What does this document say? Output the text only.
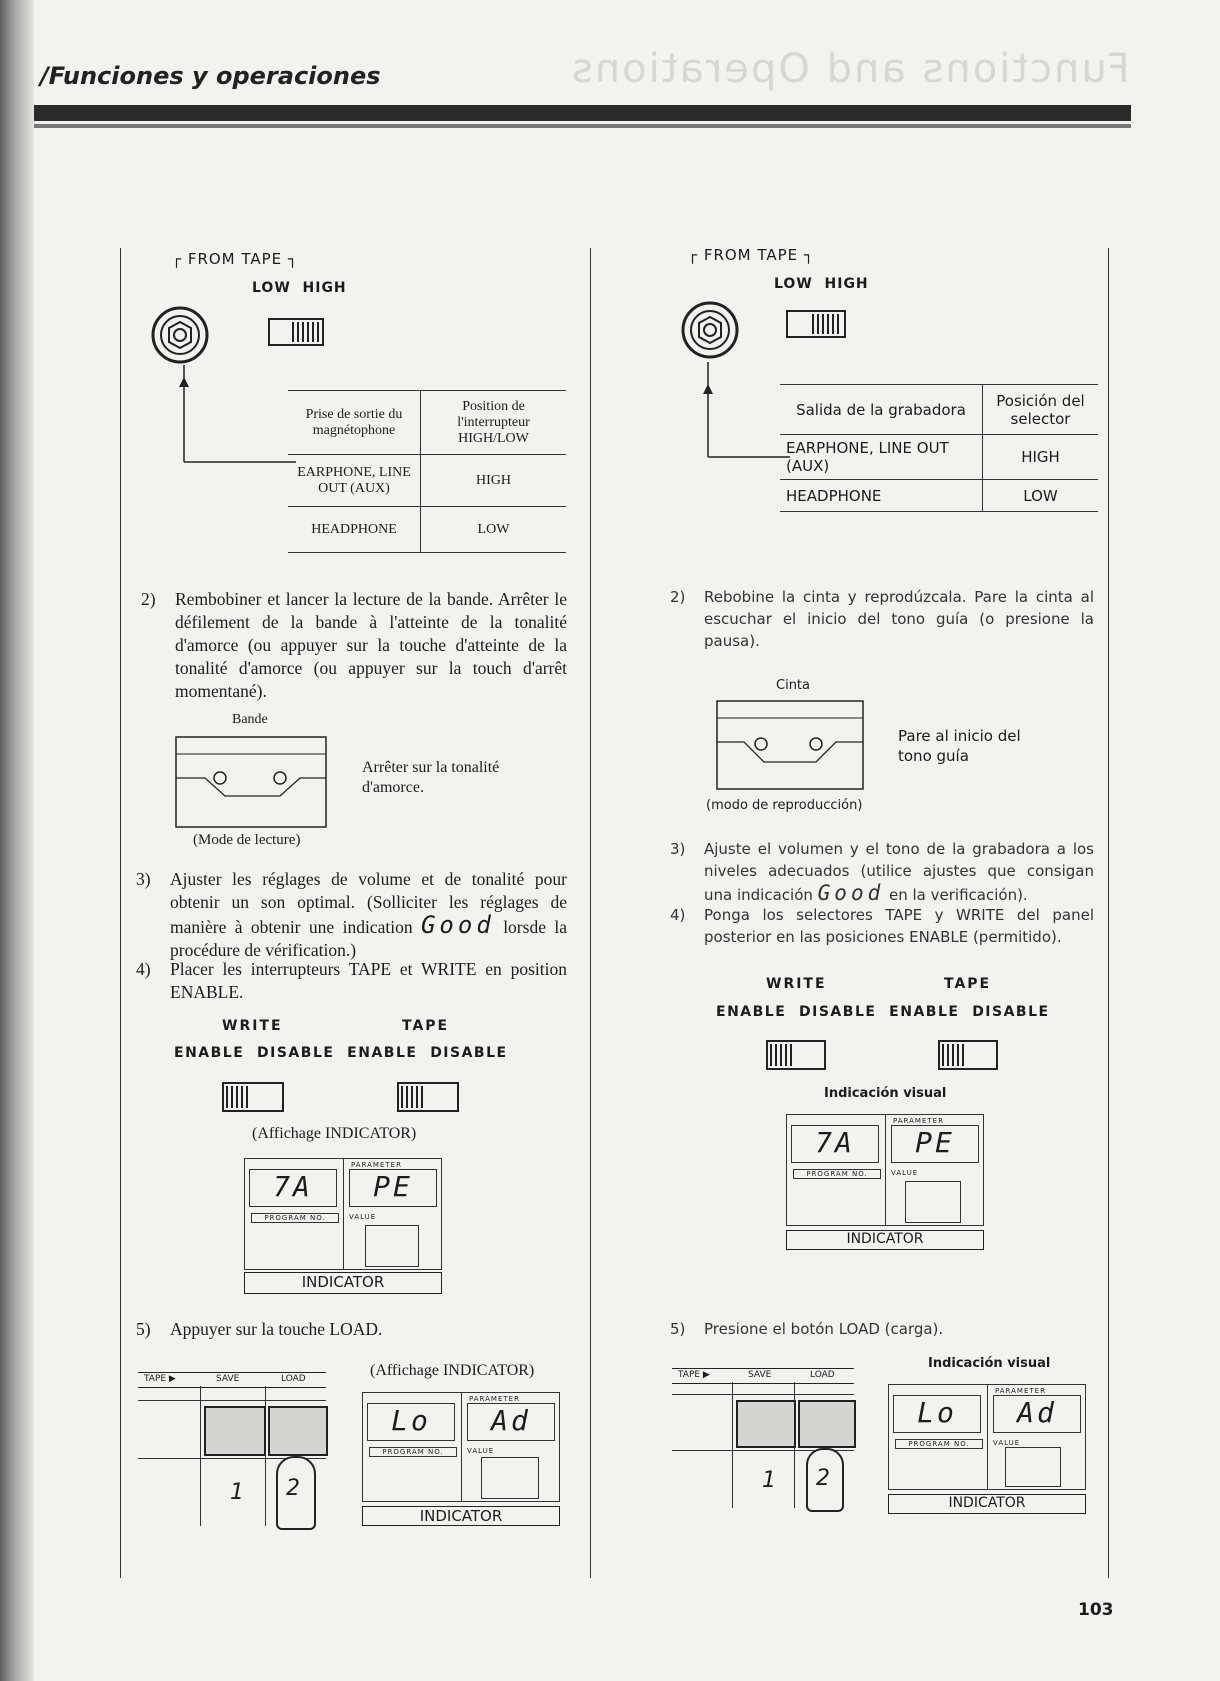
Functions and Operations
/Funciones y operaciones
┌ FROM TAPE ┐
LOW HIGH
Prise de sortie du magnétophone	Position de l'interrupteur HIGH/LOW
EARPHONE, LINE OUT (AUX)	HIGH
HEADPHONE	LOW
2) Rembobiner et lancer la lecture de la bande. Arrêter le défilement de la bande à l'atteinte de la tonalité d'amorce (ou appuyer sur la touche d'atteinte de la tonalité d'amorce (ou appuyer sur la touch d'arrêt momentané).
Bande
Arrêter sur la tonalité d'amorce.
(Mode de lecture)
3) Ajuster les réglages de volume et de tonalité pour obtenir un son optimal. (Solliciter les réglages de manière à obtenir une indication Good lorsde la procédure de vérification.)
4) Placer les interrupteurs TAPE et WRITE en position ENABLE.
WRITE	TAPE
ENABLE  DISABLE  ENABLE  DISABLE
(Affichage INDICATOR)
PARAMETER
7A	PE
PROGRAM NO.	VALUE
INDICATOR
5) Appuyer sur la touche LOAD.
TAPE ▶	SAVE	LOAD
1 2
(Affichage INDICATOR)
PARAMETER
Lo	Ad
PROGRAM NO.	VALUE
INDICATOR
┌ FROM TAPE ┐
LOW HIGH
Salida de la grabadora	Posición del selector
EARPHONE, LINE OUT (AUX)	HIGH
HEADPHONE	LOW
2) Rebobine la cinta y reprodúzcala. Pare la cinta al escuchar el inicio del tono guía (o presione la pausa).
Cinta
Pare al inicio del tono guía
(modo de reproducción)
3) Ajuste el volumen y el tono de la grabadora a los niveles adecuados (utilice ajustes que consigan una indicación Good en la verificación).
4) Ponga los selectores TAPE y WRITE del panel posterior en las posiciones ENABLE (permitido).
WRITE	TAPE
ENABLE  DISABLE  ENABLE  DISABLE
Indicación visual
PARAMETER
7A	PE
PROGRAM NO.	VALUE
INDICATOR
5) Presione el botón LOAD (carga).
TAPE ▶	SAVE	LOAD
1 2
Indicación visual
PARAMETER
Lo	Ad
PROGRAM NO.	VALUE
INDICATOR
103
